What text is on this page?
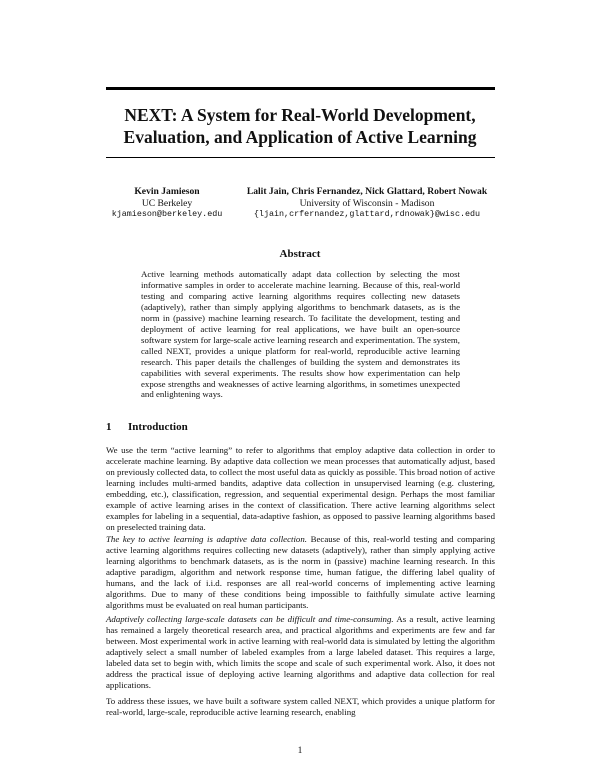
NEXT: A System for Real-World Development,
Evaluation, and Application of Active Learning
Kevin Jamieson
UC Berkeley
kjamieson@berkeley.edu
Lalit Jain, Chris Fernandez, Nick Glattard, Robert Nowak
University of Wisconsin - Madison
{ljain,crfernandez,glattard,rdnowak}@wisc.edu
Abstract

Active learning methods automatically adapt data collection by selecting the most informative samples in order to accelerate machine learning. Because of this, real-world testing and comparing active learning algorithms requires collecting new datasets (adaptively), rather than simply applying algorithms to benchmark datasets, as is the norm in (passive) machine learning research. To facilitate the development, testing and deployment of active learning for real applications, we have built an open-source software system for large-scale active learning research and experimentation. The system, called NEXT, provides a unique platform for real-world, reproducible active learning research. This paper details the challenges of building the system and demonstrates its capabilities with several experiments. The results show how experimentation can help expose strengths and weaknesses of active learning algorithms, in sometimes unexpected and enlightening ways.

1 Introduction

We use the term “active learning” to refer to algorithms that employ adaptive data collection in order to accelerate machine learning. By adaptive data collection we mean processes that automatically adjust, based on previously collected data, to collect the most useful data as quickly as possible. This broad notion of active learning includes multi-armed bandits, adaptive data collection in unsupervised learning (e.g. clustering, embedding, etc.), classification, regression, and sequential experimental design. Perhaps the most familiar example of active learning arises in the context of classification. There active learning algorithms select examples for labeling in a sequential, data-adaptive fashion, as opposed to passive learning algorithms based on preselected training data.

The key to active learning is adaptive data collection. Because of this, real-world testing and comparing active learning algorithms requires collecting new datasets (adaptively), rather than simply applying active learning algorithms to benchmark datasets, as is the norm in (passive) machine learning research. In this adaptive paradigm, algorithm and network response time, human fatigue, the differing label quality of humans, and the lack of i.i.d. responses are all real-world concerns of implementing active learning algorithms. Due to many of these conditions being impossible to faithfully simulate active learning algorithms must be evaluated on real human participants.

Adaptively collecting large-scale datasets can be difficult and time-consuming. As a result, active learning has remained a largely theoretical research area, and practical algorithms and experiments are few and far between. Most experimental work in active learning with real-world data is simulated by letting the algorithm adaptively select a small number of labeled examples from a large labeled dataset. This requires a large, labeled data set to begin with, which limits the scope and scale of such experimental work. Also, it does not address the practical issue of deploying active learning algorithms and adaptive data collection for real applications.

To address these issues, we have built a software system called NEXT, which provides a unique platform for real-world, large-scale, reproducible active learning research, enabling

1
